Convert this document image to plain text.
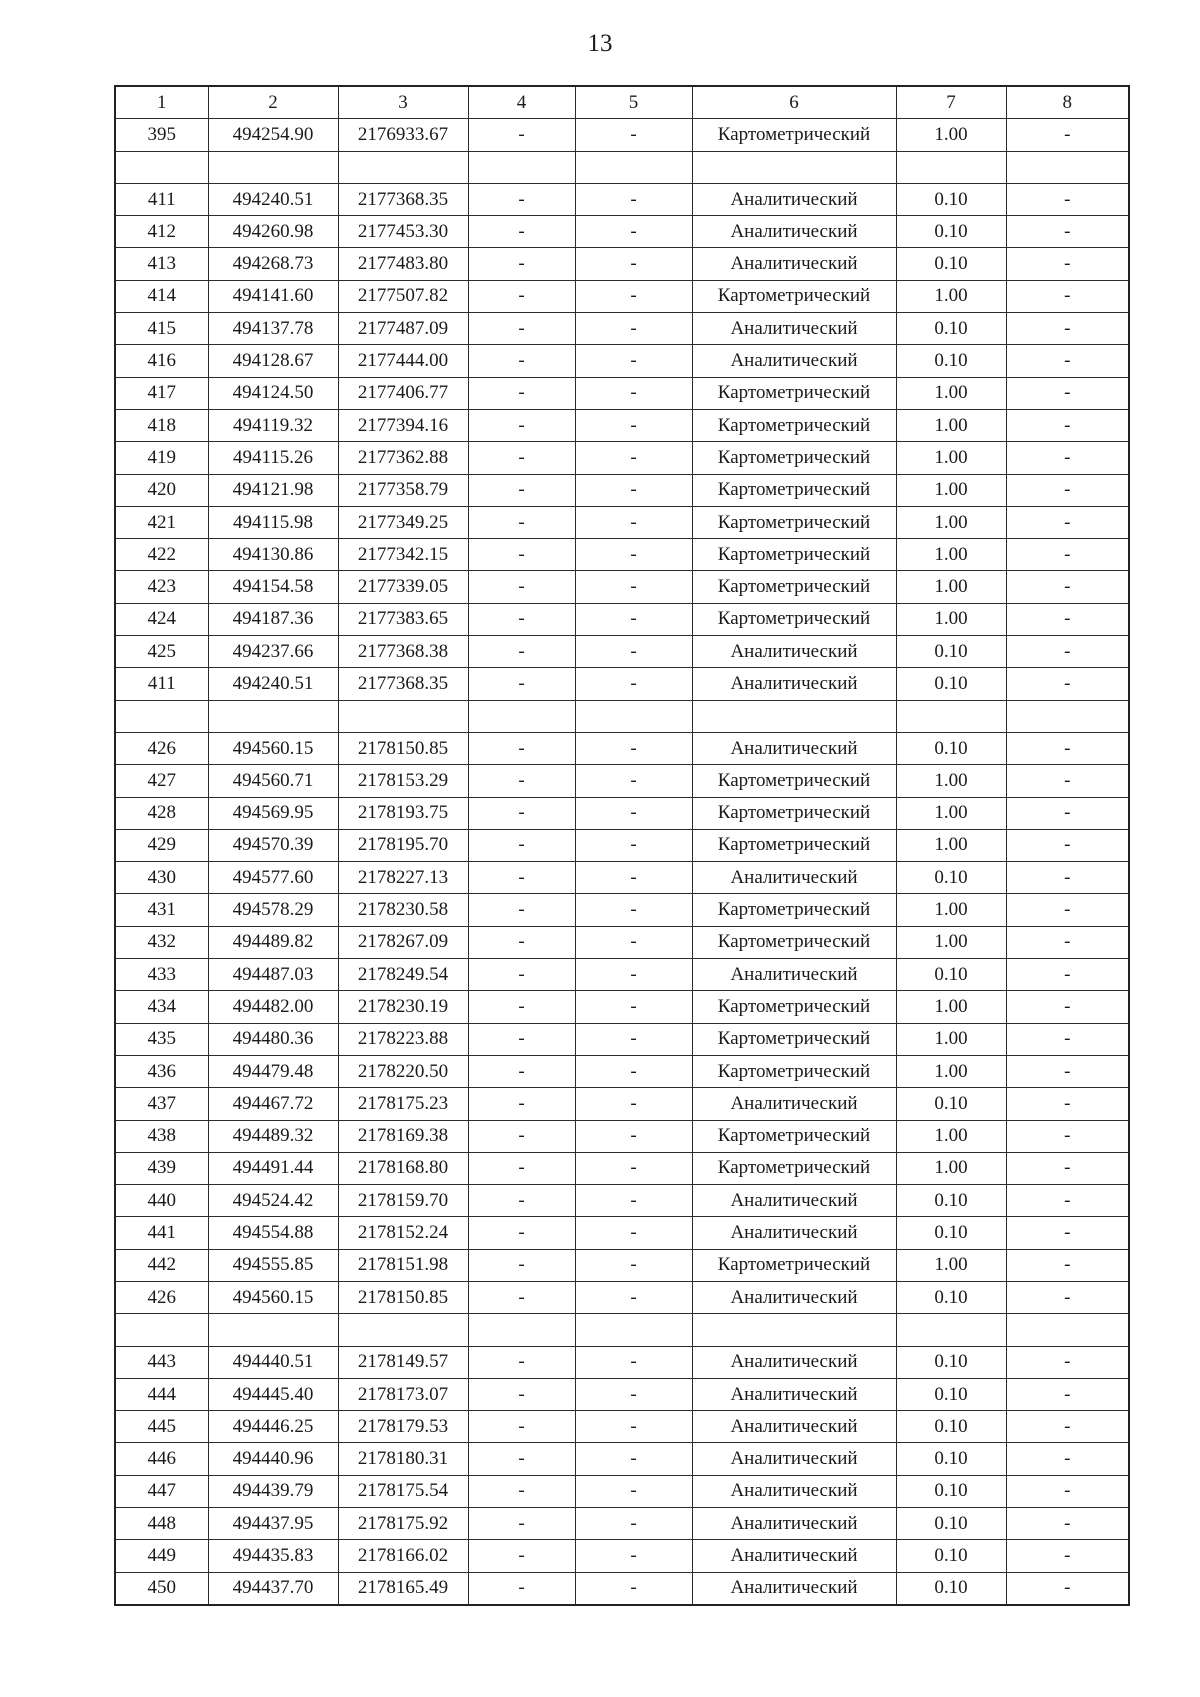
13
1	2	3	4	5	6	7	8
395	494254.90	2176933.67	-	-	Картометрический	1.00	-

411	494240.51	2177368.35	-	-	Аналитический	0.10	-
412	494260.98	2177453.30	-	-	Аналитический	0.10	-
413	494268.73	2177483.80	-	-	Аналитический	0.10	-
414	494141.60	2177507.82	-	-	Картометрический	1.00	-
415	494137.78	2177487.09	-	-	Аналитический	0.10	-
416	494128.67	2177444.00	-	-	Аналитический	0.10	-
417	494124.50	2177406.77	-	-	Картометрический	1.00	-
418	494119.32	2177394.16	-	-	Картометрический	1.00	-
419	494115.26	2177362.88	-	-	Картометрический	1.00	-
420	494121.98	2177358.79	-	-	Картометрический	1.00	-
421	494115.98	2177349.25	-	-	Картометрический	1.00	-
422	494130.86	2177342.15	-	-	Картометрический	1.00	-
423	494154.58	2177339.05	-	-	Картометрический	1.00	-
424	494187.36	2177383.65	-	-	Картометрический	1.00	-
425	494237.66	2177368.38	-	-	Аналитический	0.10	-
411	494240.51	2177368.35	-	-	Аналитический	0.10	-

426	494560.15	2178150.85	-	-	Аналитический	0.10	-
427	494560.71	2178153.29	-	-	Картометрический	1.00	-
428	494569.95	2178193.75	-	-	Картометрический	1.00	-
429	494570.39	2178195.70	-	-	Картометрический	1.00	-
430	494577.60	2178227.13	-	-	Аналитический	0.10	-
431	494578.29	2178230.58	-	-	Картометрический	1.00	-
432	494489.82	2178267.09	-	-	Картометрический	1.00	-
433	494487.03	2178249.54	-	-	Аналитический	0.10	-
434	494482.00	2178230.19	-	-	Картометрический	1.00	-
435	494480.36	2178223.88	-	-	Картометрический	1.00	-
436	494479.48	2178220.50	-	-	Картометрический	1.00	-
437	494467.72	2178175.23	-	-	Аналитический	0.10	-
438	494489.32	2178169.38	-	-	Картометрический	1.00	-
439	494491.44	2178168.80	-	-	Картометрический	1.00	-
440	494524.42	2178159.70	-	-	Аналитический	0.10	-
441	494554.88	2178152.24	-	-	Аналитический	0.10	-
442	494555.85	2178151.98	-	-	Картометрический	1.00	-
426	494560.15	2178150.85	-	-	Аналитический	0.10	-

443	494440.51	2178149.57	-	-	Аналитический	0.10	-
444	494445.40	2178173.07	-	-	Аналитический	0.10	-
445	494446.25	2178179.53	-	-	Аналитический	0.10	-
446	494440.96	2178180.31	-	-	Аналитический	0.10	-
447	494439.79	2178175.54	-	-	Аналитический	0.10	-
448	494437.95	2178175.92	-	-	Аналитический	0.10	-
449	494435.83	2178166.02	-	-	Аналитический	0.10	-
450	494437.70	2178165.49	-	-	Аналитический	0.10	-
